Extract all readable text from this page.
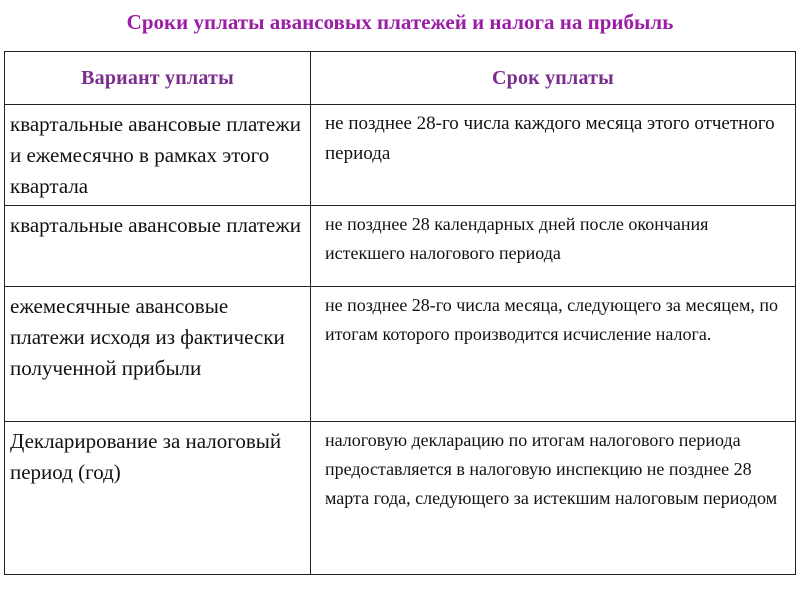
Сроки уплаты авансовых платежей и налога на прибыль
Вариант уплаты	Срок уплаты

квартальные авансовые платежи и ежемесячно в рамках этого квартала	не позднее 28-го числа каждого месяца этого отчетного периода

квартальные авансовые платежи	не позднее 28 календарных дней после окончания истекшего налогового периода

ежемесячные авансовые платежи исходя из фактически полученной прибыли	не позднее 28-го числа месяца, следующего за месяцем, по итогам которого производится исчисление налога.

Декларирование за налоговый период (год)	налоговую декларацию по итогам налогового периода предоставляется в налоговую инспекцию не позднее 28 марта года, следующего за истекшим налоговым периодом
